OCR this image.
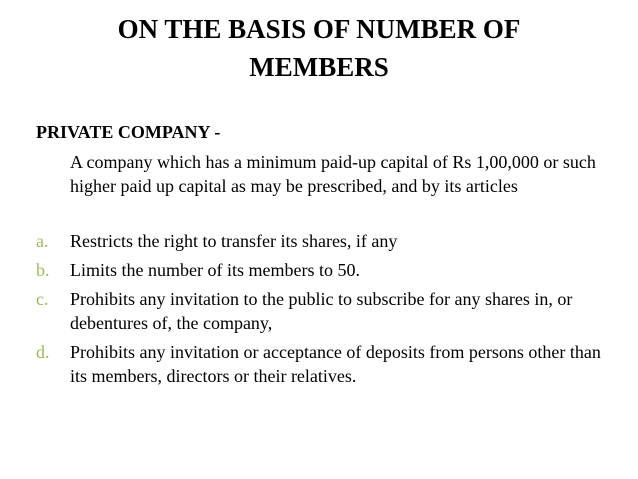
ON THE BASIS OF NUMBER OF MEMBERS
PRIVATE COMPANY -
A company which has a minimum paid-up capital of Rs 1,00,000 or such higher paid up capital as may be prescribed, and by its articles
a. Restricts the right to transfer its shares, if any
b. Limits the number of its members to 50.
c. Prohibits any invitation to the public to subscribe for any shares in, or debentures of, the company,
d. Prohibits any invitation or acceptance of deposits from persons other than its members, directors or their relatives.
